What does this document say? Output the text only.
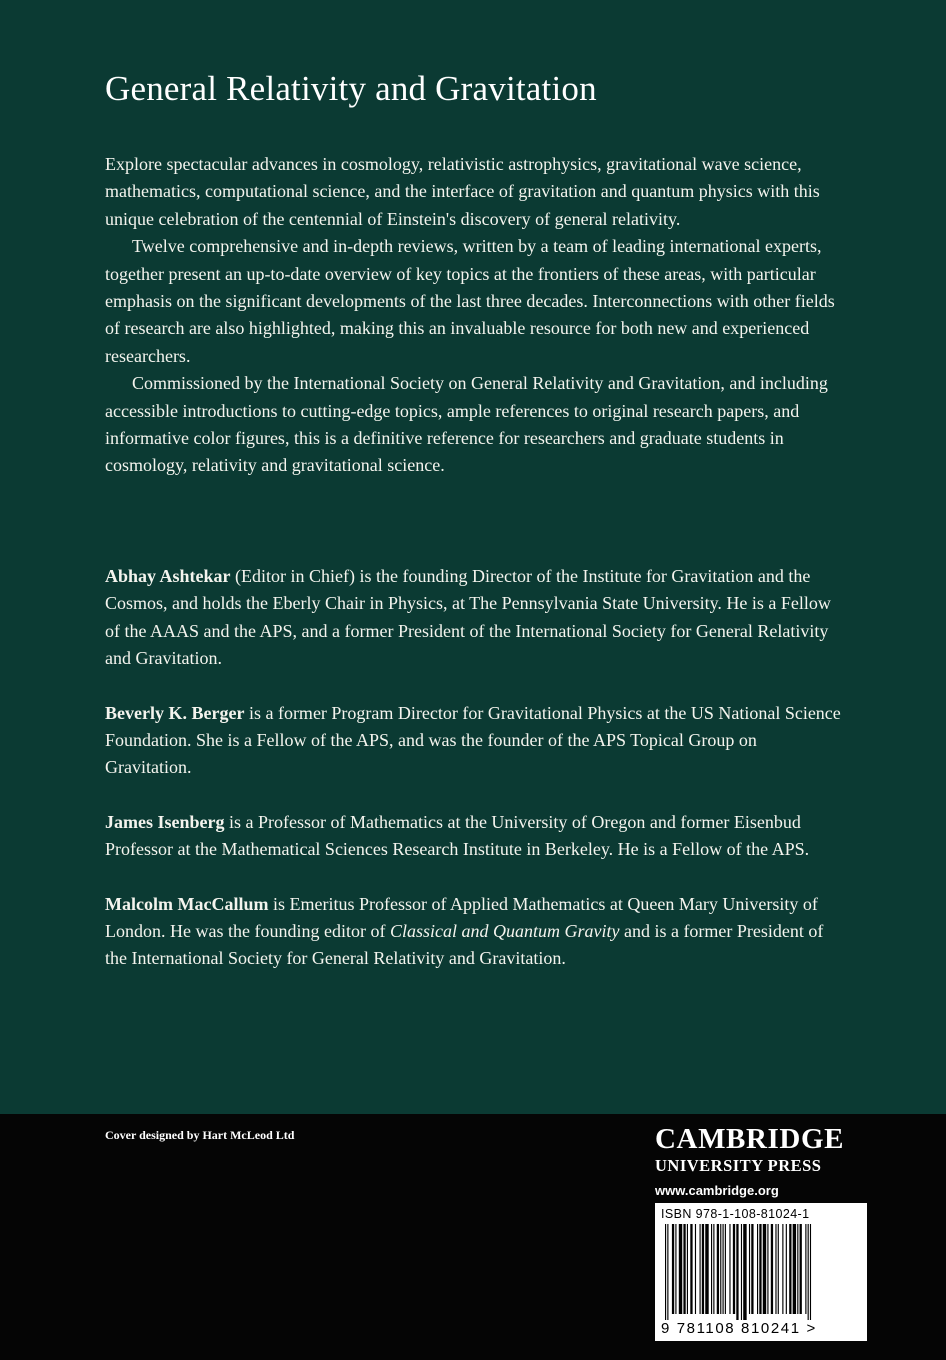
General Relativity and Gravitation

Explore spectacular advances in cosmology, relativistic astrophysics, gravitational wave science, mathematics, computational science, and the interface of gravitation and quantum physics with this unique celebration of the centennial of Einstein's discovery of general relativity.

Twelve comprehensive and in-depth reviews, written by a team of leading international experts, together present an up-to-date overview of key topics at the frontiers of these areas, with particular emphasis on the significant developments of the last three decades. Interconnections with other fields of research are also highlighted, making this an invaluable resource for both new and experienced researchers.

Commissioned by the International Society on General Relativity and Gravitation, and including accessible introductions to cutting-edge topics, ample references to original research papers, and informative color figures, this is a definitive reference for researchers and graduate students in cosmology, relativity and gravitational science.

Abhay Ashtekar (Editor in Chief) is the founding Director of the Institute for Gravitation and the Cosmos, and holds the Eberly Chair in Physics, at The Pennsylvania State University. He is a Fellow of the AAAS and the APS, and a former President of the International Society for General Relativity and Gravitation.

Beverly K. Berger is a former Program Director for Gravitational Physics at the US National Science Foundation. She is a Fellow of the APS, and was the founder of the APS Topical Group on Gravitation.

James Isenberg is a Professor of Mathematics at the University of Oregon and former Eisenbud Professor at the Mathematical Sciences Research Institute in Berkeley. He is a Fellow of the APS.

Malcolm MacCallum is Emeritus Professor of Applied Mathematics at Queen Mary University of London. He was the founding editor of Classical and Quantum Gravity and is a former President of the International Society for General Relativity and Gravitation.

Cover designed by Hart McLeod Ltd	CAMBRIDGE
UNIVERSITY PRESS
www.cambridge.org
ISBN 978-1-108-81024-1
9 781108 810241 >
